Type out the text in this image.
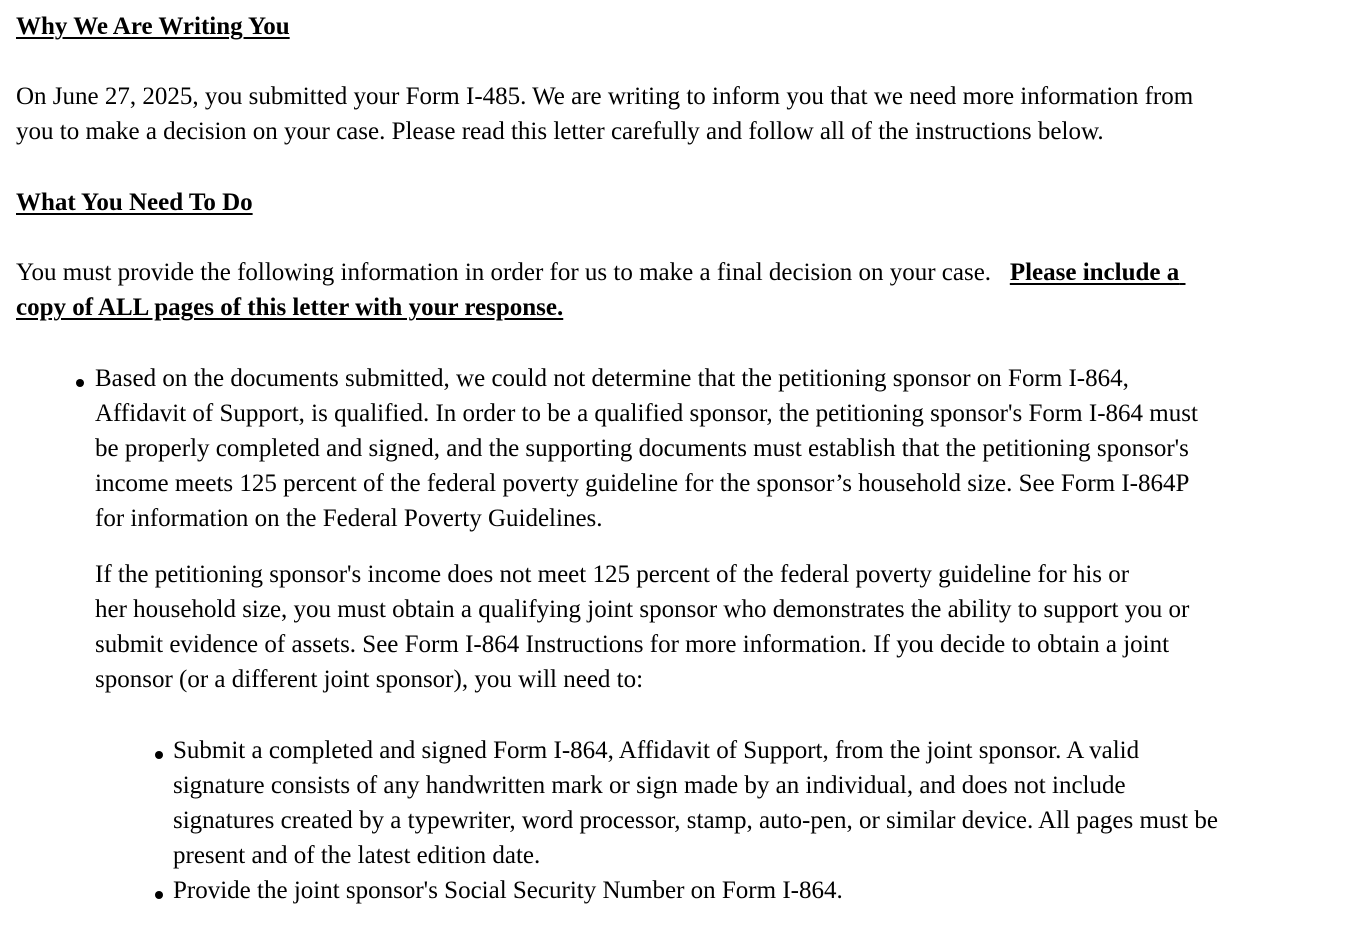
Why We Are Writing You
On June 27, 2025, you submitted your Form I-485. We are writing to inform you that we need more information from
you to make a decision on your case. Please read this letter carefully and follow all of the instructions below.
What You Need To Do
You must provide the following information in order for us to make a final decision on your case. Please include a
copy of ALL pages of this letter with your response.
Based on the documents submitted, we could not determine that the petitioning sponsor on Form I-864,
Affidavit of Support, is qualified. In order to be a qualified sponsor, the petitioning sponsor's Form I-864 must
be properly completed and signed, and the supporting documents must establish that the petitioning sponsor's
income meets 125 percent of the federal poverty guideline for the sponsor’s household size. See Form I-864P
for information on the Federal Poverty Guidelines.
If the petitioning sponsor's income does not meet 125 percent of the federal poverty guideline for his or
her household size, you must obtain a qualifying joint sponsor who demonstrates the ability to support you or
submit evidence of assets. See Form I-864 Instructions for more information. If you decide to obtain a joint
sponsor (or a different joint sponsor), you will need to:
Submit a completed and signed Form I-864, Affidavit of Support, from the joint sponsor. A valid
signature consists of any handwritten mark or sign made by an individual, and does not include
signatures created by a typewriter, word processor, stamp, auto-pen, or similar device. All pages must be
present and of the latest edition date.
Provide the joint sponsor's Social Security Number on Form I-864.
